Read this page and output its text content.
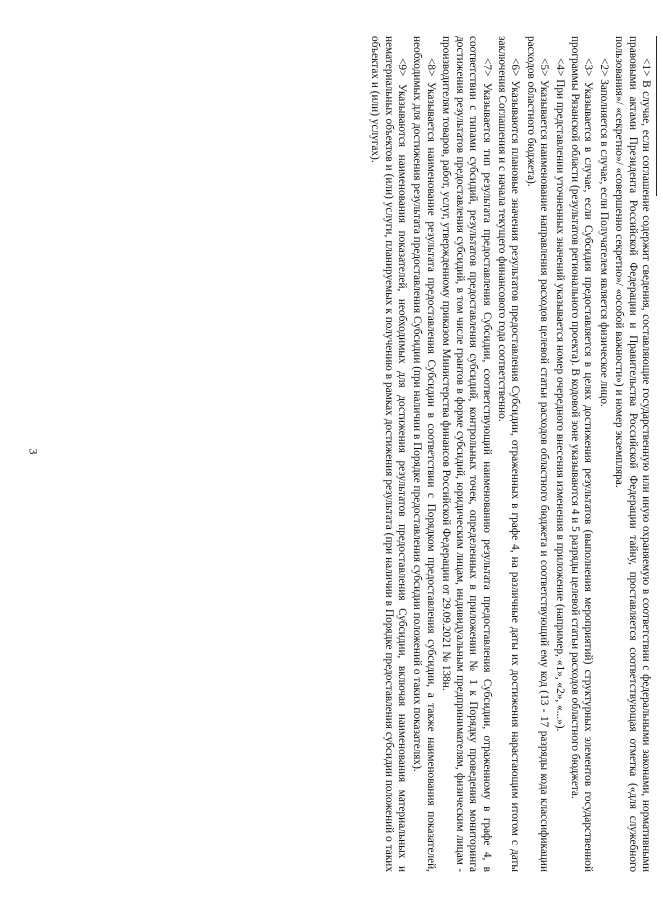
3	<1> В случае, если соглашение содержит сведения, составляющие государственную или иную охраняемую в соответствии с федеральными законами, нормативными правовыми актами Президента Российской Федерации и Правительства Российской Федерации тайну, проставляется соответствующая отметка («для служебного пользования»/ «секретно»/ «совершенно секретно»/ «особой важности») и номер экземпляра.

<2> Заполняется в случае, если Получателем является физическое лицо.

<3> Указывается в случае, если Субсидия предоставляется в целях достижения результатов (выполнения мероприятий) структурных элементов государственной программы Рязанской области (результатов регионального проекта). В кодовой зоне указываются 4 и 5 разряды целевой статьи расходов областного бюджета.

<4> При представлении уточненных значений указывается номер очередного внесения изменения в приложение (например, «1», «2», «...»).

<5> Указывается наименование направления расходов целевой статьи расходов областного бюджета и соответствующий ему код (13 - 17 разряды кода классификации расходов областного бюджета).

<6> Указываются плановые значения результатов предоставления Субсидии, отраженных в графе 4, на различные даты их достижения нарастающим итогом с даты заключения Соглашения и с начала текущего финансового года соответственно.

<7> Указывается тип результата предоставления Субсидии, соответствующий наименованию результата предоставления Субсидии, отраженному в графе 4, в соответствии с типами субсидий, результатов предоставления субсидий, контрольных точек, определенных в приложении № 1 к Порядку проведения мониторинга достижения результатов предоставления субсидий, в том числе грантов в форме субсидий, юридическим лицам, индивидуальным предпринимателям, физическим лицам - производителям товаров, работ, услуг, утвержденному приказом Министерства финансов Российской Федерации от 29.09.2021 № 138н.

<8> Указывается наименование результата предоставления Субсидии в соответствии с Порядком предоставления субсидии, а также наименования показателей, необходимых для достижения результата предоставления Субсидии (при наличии в Порядке предоставления субсидии положений о таких показателях).

<9> Указываются наименования показателей, необходимых для достижения результатов предоставления Субсидии, включая наименования материальных и нематериальных объектов и (или) услуги, планируемых к получению в рамках достижения результата (при наличии в Порядке предоставления субсидии положений о таких объектах и (или) услугах).
